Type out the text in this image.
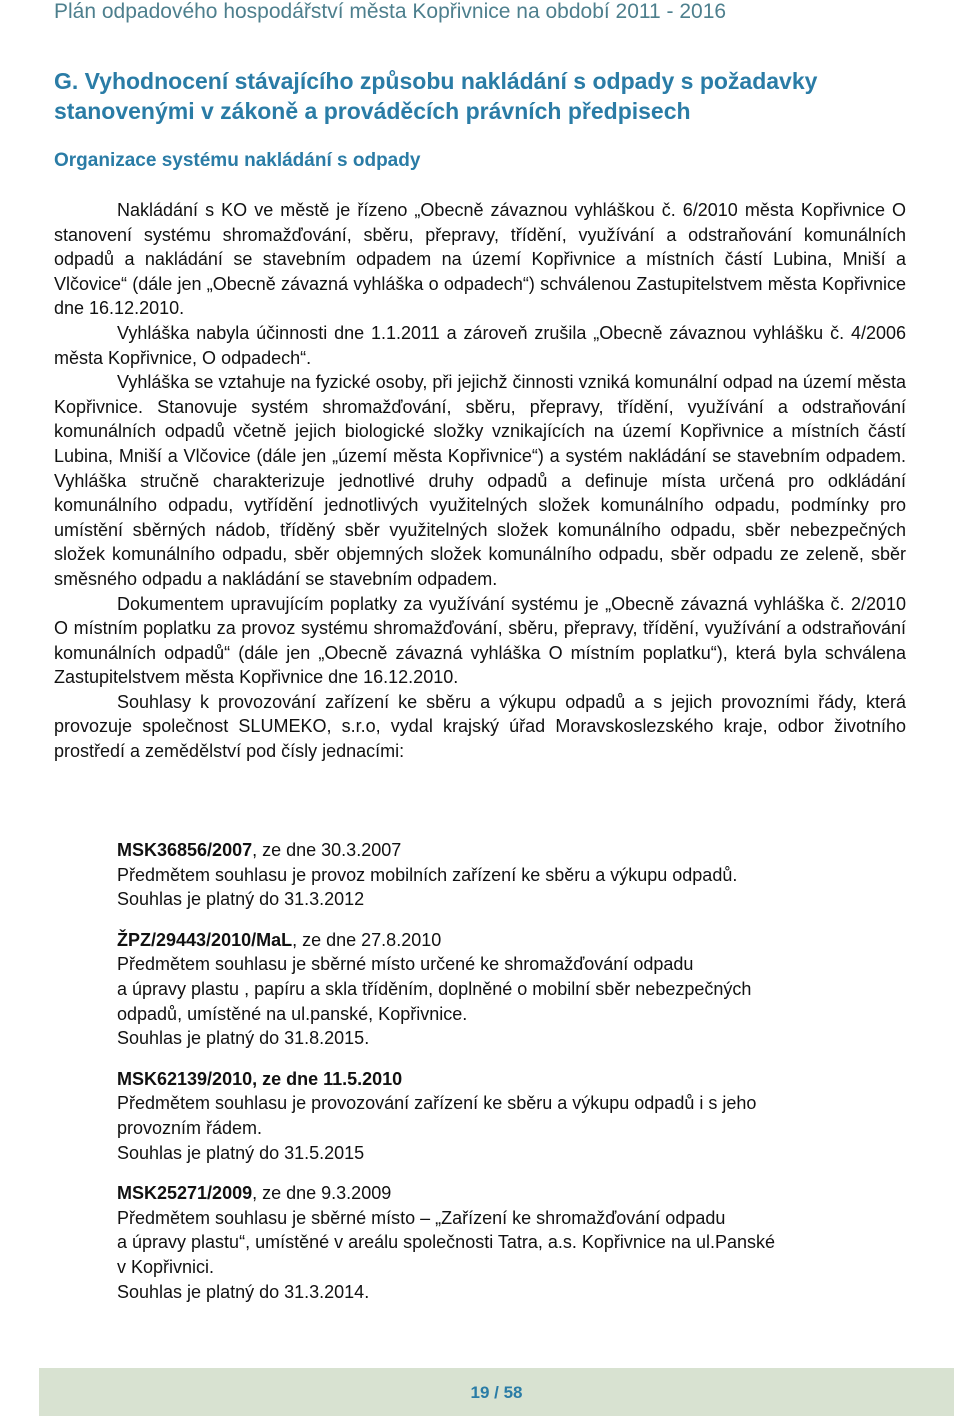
Plán odpadového hospodářství města Kopřivnice na období 2011 - 2016
G. Vyhodnocení stávajícího způsobu nakládání s odpady s požadavky stanovenými v zákoně a prováděcích právních předpisech
Organizace systému nakládání s odpady

Nakládání s KO ve městě je řízeno „Obecně závaznou vyhláškou č. 6/2010 města Kopřivnice O stanovení systému shromažďování, sběru, přepravy, třídění, využívání a odstraňování komunálních odpadů a nakládání se stavebním odpadem na území Kopřivnice a místních částí Lubina, Mniší a Vlčovice“ (dále jen „Obecně závazná vyhláška o odpadech“) schválenou Zastupitelstvem města Kopřivnice dne 16.12.2010.

Vyhláška nabyla účinnosti dne 1.1.2011 a zároveň zrušila „Obecně závaznou vyhlášku č. 4/2006 města Kopřivnice, O odpadech“.

Vyhláška se vztahuje na fyzické osoby, při jejichž činnosti vzniká komunální odpad na území města Kopřivnice. Stanovuje systém shromažďování, sběru, přepravy, třídění, využívání a odstraňování komunálních odpadů včetně jejich biologické složky vznikajících na území Kopřivnice a místních částí Lubina, Mniší a Vlčovice (dále jen „území města Kopřivnice“) a systém nakládání se stavebním odpadem. Vyhláška stručně charakterizuje jednotlivé druhy odpadů a definuje místa určená pro odkládání komunálního odpadu, vytřídění jednotlivých využitelných složek komunálního odpadu, podmínky pro umístění sběrných nádob, tříděný sběr využitelných složek komunálního odpadu, sběr nebezpečných složek komunálního odpadu, sběr objemných složek komunálního odpadu, sběr odpadu ze zeleně, sběr směsného odpadu a nakládání se stavebním odpadem.

Dokumentem upravujícím poplatky za využívání systému je „Obecně závazná vyhláška č. 2/2010 O místním poplatku za provoz systému shromažďování, sběru, přepravy, třídění, využívání a odstraňování komunálních odpadů“ (dále jen „Obecně závazná vyhláška O místním poplatku“), která byla schválena Zastupitelstvem města Kopřivnice dne 16.12.2010.

Souhlasy k provozování zařízení ke sběru a výkupu odpadů a s jejich provozními řády, která provozuje společnost SLUMEKO, s.r.o, vydal krajský úřad Moravskoslezského kraje, odbor životního prostředí a zemědělství pod čísly jednacími:

MSK36856/2007, ze dne 30.3.2007
Předmětem souhlasu je provoz mobilních zařízení ke sběru a výkupu odpadů.
Souhlas je platný do 31.3.2012
ŽPZ/29443/2010/MaL, ze dne 27.8.2010
Předmětem souhlasu je sběrné místo určené ke shromažďování odpadu
a úpravy plastu , papíru a skla tříděním, doplněné o mobilní sběr nebezpečných
odpadů, umístěné na ul.panské, Kopřivnice.
Souhlas je platný do 31.8.2015.
MSK62139/2010, ze dne 11.5.2010
Předmětem souhlasu je provozování zařízení ke sběru a výkupu odpadů i s jeho
provozním řádem.
Souhlas je platný do 31.5.2015
MSK25271/2009, ze dne 9.3.2009
Předmětem souhlasu je sběrné místo – „Zařízení ke shromažďování odpadu
a úpravy plastu“, umístěné v areálu společnosti Tatra, a.s. Kopřivnice na ul.Panské
v Kopřivnici.
Souhlas je platný do 31.3.2014.
19 / 58
